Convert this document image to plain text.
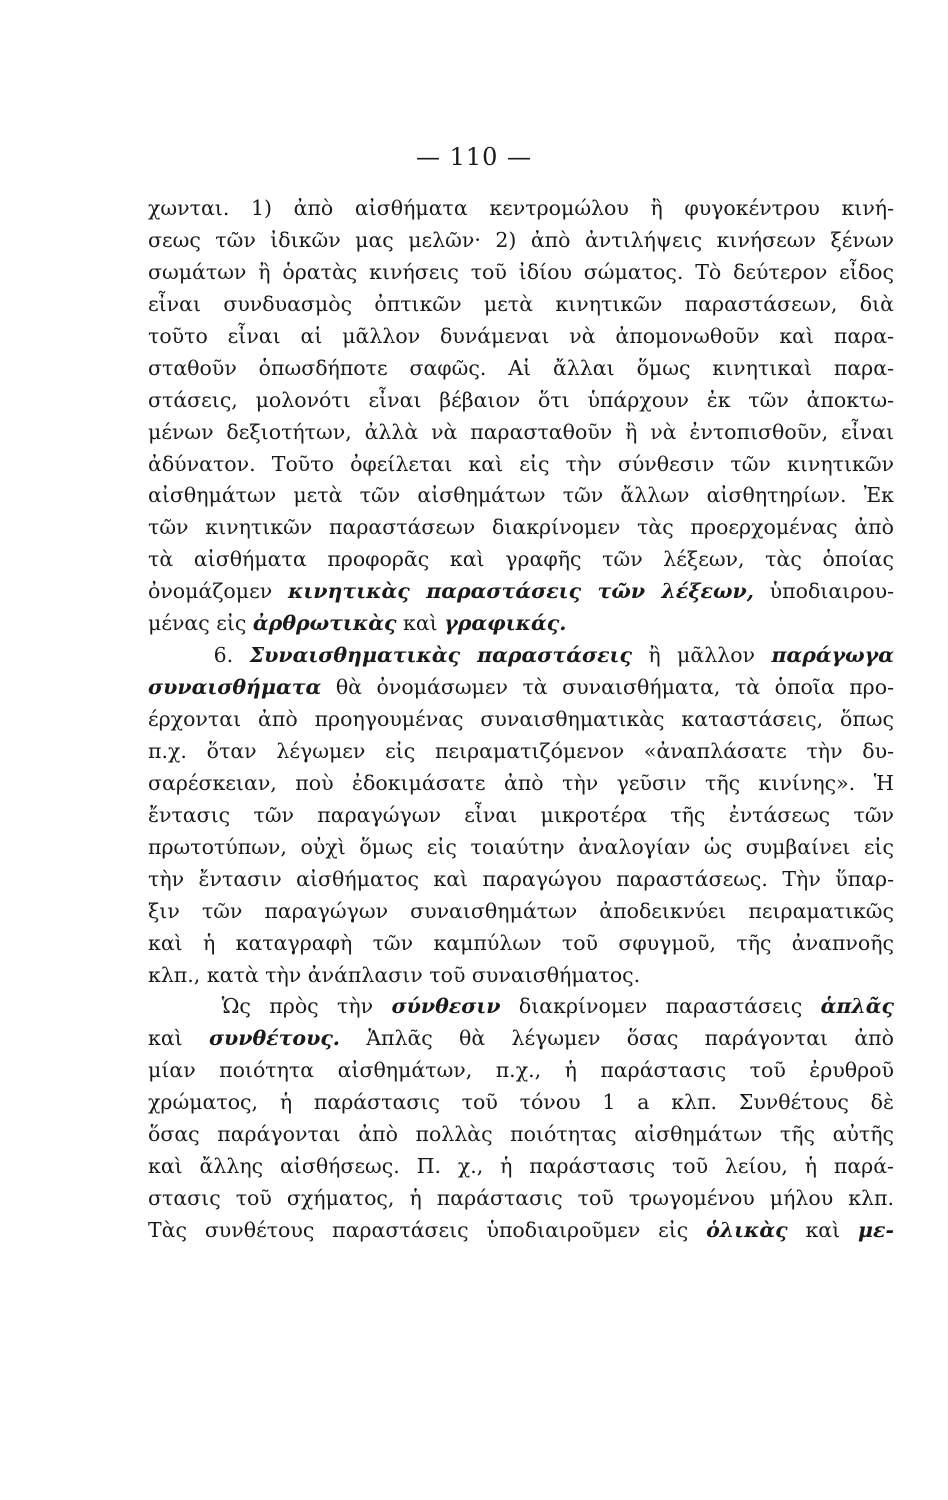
— 110 —
χωνται. 1) ἀπὸ αἰσθήματα κεντρομώλου ἢ φυγοκέντρου κινή-
σεως τῶν ἰδικῶν μας μελῶν· 2) ἀπὸ ἀντιλήψεις κινήσεων ξένων
σωμάτων ἢ ὁρατὰς κινήσεις τοῦ ἰδίου σώματος. Τὸ δεύτερον εἶδος
εἶναι συνδυασμὸς ὀπτικῶν μετὰ κινητικῶν παραστάσεων, διὰ
τοῦτο εἶναι αἱ μᾶλλον δυνάμεναι νὰ ἀπομονωθοῦν καὶ παρα-
σταθοῦν ὁπωσδήποτε σαφῶς. Αἱ ἄλλαι ὅμως κινητικαὶ παρα-
στάσεις, μολονότι εἶναι βέβαιον ὅτι ὑπάρχουν ἐκ τῶν ἀποκτω-
μένων δεξιοτήτων, ἀλλὰ νὰ παρασταθοῦν ἢ νὰ ἐντοπισθοῦν, εἶναι
ἀδύνατον. Τοῦτο ὀφείλεται καὶ εἰς τὴν σύνθεσιν τῶν κινητικῶν
αἰσθημάτων μετὰ τῶν αἰσθημάτων τῶν ἄλλων αἰσθητηρίων. Ἐκ
τῶν κινητικῶν παραστάσεων διακρίνομεν τὰς προερχομένας ἀπὸ
τὰ αἰσθήματα προφορᾶς καὶ γραφῆς τῶν λέξεων, τὰς ὁποίας
ὀνομάζομεν κινητικὰς παραστάσεις τῶν λέξεων, ὑποδιαιρου-
μένας εἰς ἀρθρωτικὰς καὶ γραφικάς.
6. Συναισθηματικὰς παραστάσεις ἢ μᾶλλον παράγωγα
συναισθήματα θὰ ὀνομάσωμεν τὰ συναισθήματα, τὰ ὁποῖα προ-
έρχονται ἀπὸ προηγουμένας συναισθηματικὰς καταστάσεις, ὅπως
π.χ. ὅταν λέγωμεν εἰς πειραματιζόμενον «ἀναπλάσατε τὴν δυ-
σαρέσκειαν, ποὺ ἐδοκιμάσατε ἀπὸ τὴν γεῦσιν τῆς κινίνης». Ἡ
ἔντασις τῶν παραγώγων εἶναι μικροτέρα τῆς ἐντάσεως τῶν
πρωτοτύπων, οὐχὶ ὅμως εἰς τοιαύτην ἀναλογίαν ὡς συμβαίνει εἰς
τὴν ἔντασιν αἰσθήματος καὶ παραγώγου παραστάσεως. Τὴν ὕπαρ-
ξιν τῶν παραγώγων συναισθημάτων ἀποδεικνύει πειραματικῶς
καὶ ἡ καταγραφὴ τῶν καμπύλων τοῦ σφυγμοῦ, τῆς ἀναπνοῆς
κλπ., κατὰ τὴν ἀνάπλασιν τοῦ συναισθήματος.
Ὡς πρὸς τὴν σύνθεσιν διακρίνομεν παραστάσεις ἁπλᾶς
καὶ συνθέτους. Ἁπλᾶς θὰ λέγωμεν ὅσας παράγονται ἀπὸ
μίαν ποιότητα αἰσθημάτων, π.χ., ἡ παράστασις τοῦ ἐρυθροῦ
χρώματος, ἡ παράστασις τοῦ τόνου 1 a κλπ. Συνθέτους δὲ
ὅσας παράγονται ἀπὸ πολλὰς ποιότητας αἰσθημάτων τῆς αὐτῆς
καὶ ἄλλης αἰσθήσεως. Π. χ., ἡ παράστασις τοῦ λείου, ἡ παρά-
στασις τοῦ σχήματος, ἡ παράστασις τοῦ τρωγομένου μήλου κλπ.
Τὰς συνθέτους παραστάσεις ὑποδιαιροῦμεν εἰς ὁλικὰς καὶ με-
